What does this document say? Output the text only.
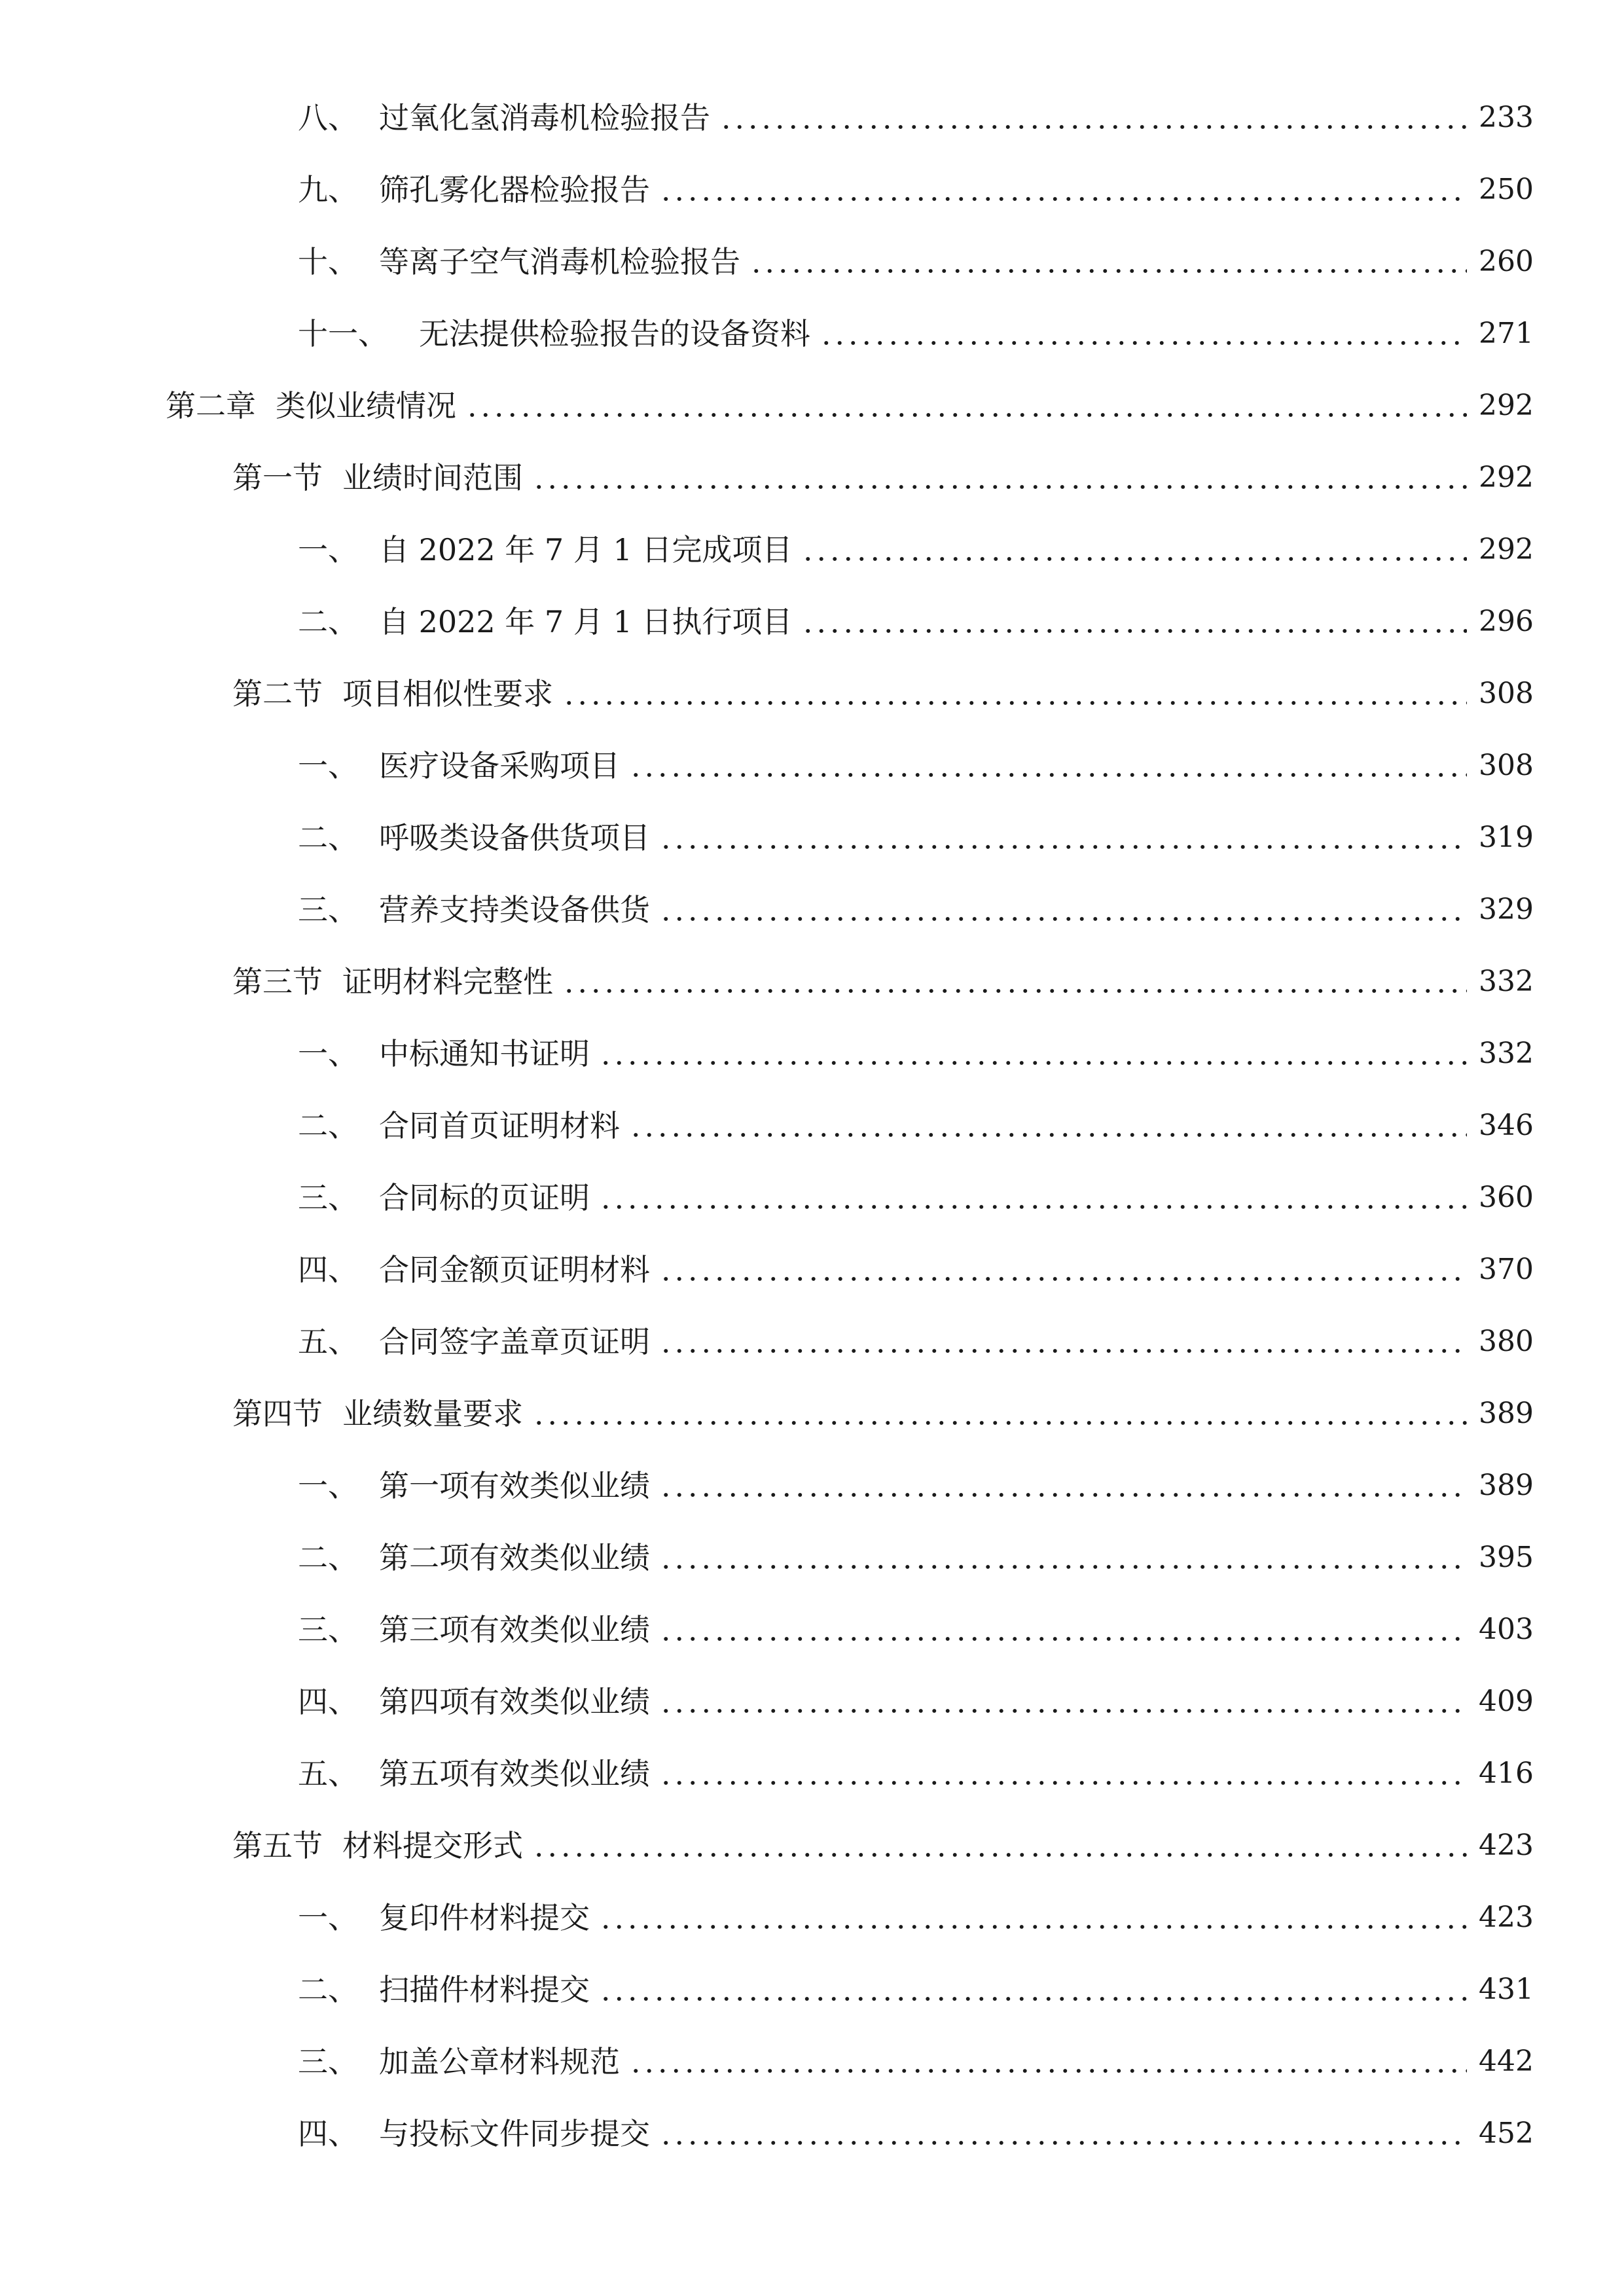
八、 过氧化氢消毒机检验报告	233
九、 筛孔雾化器检验报告	250
十、 等离子空气消毒机检验报告	260
十一、	无法提供检验报告的设备资料	271
第二章 类似业绩情况	292
第一节 业绩时间范围	292
一、 自 2022 年 7 月 1 日完成项目	292
二、 自 2022 年 7 月 1 日执行项目	296
第二节 项目相似性要求	308
一、 医疗设备采购项目	308
二、 呼吸类设备供货项目	319
三、 营养支持类设备供货	329
第三节 证明材料完整性	332
一、 中标通知书证明	332
二、 合同首页证明材料	346
三、 合同标的页证明	360
四、 合同金额页证明材料	370
五、 合同签字盖章页证明	380
第四节 业绩数量要求	389
一、 第一项有效类似业绩	389
二、 第二项有效类似业绩	395
三、 第三项有效类似业绩	403
四、 第四项有效类似业绩	409
五、 第五项有效类似业绩	416
第五节 材料提交形式	423
一、 复印件材料提交	423
二、 扫描件材料提交	431
三、 加盖公章材料规范	442
四、 与投标文件同步提交	452
